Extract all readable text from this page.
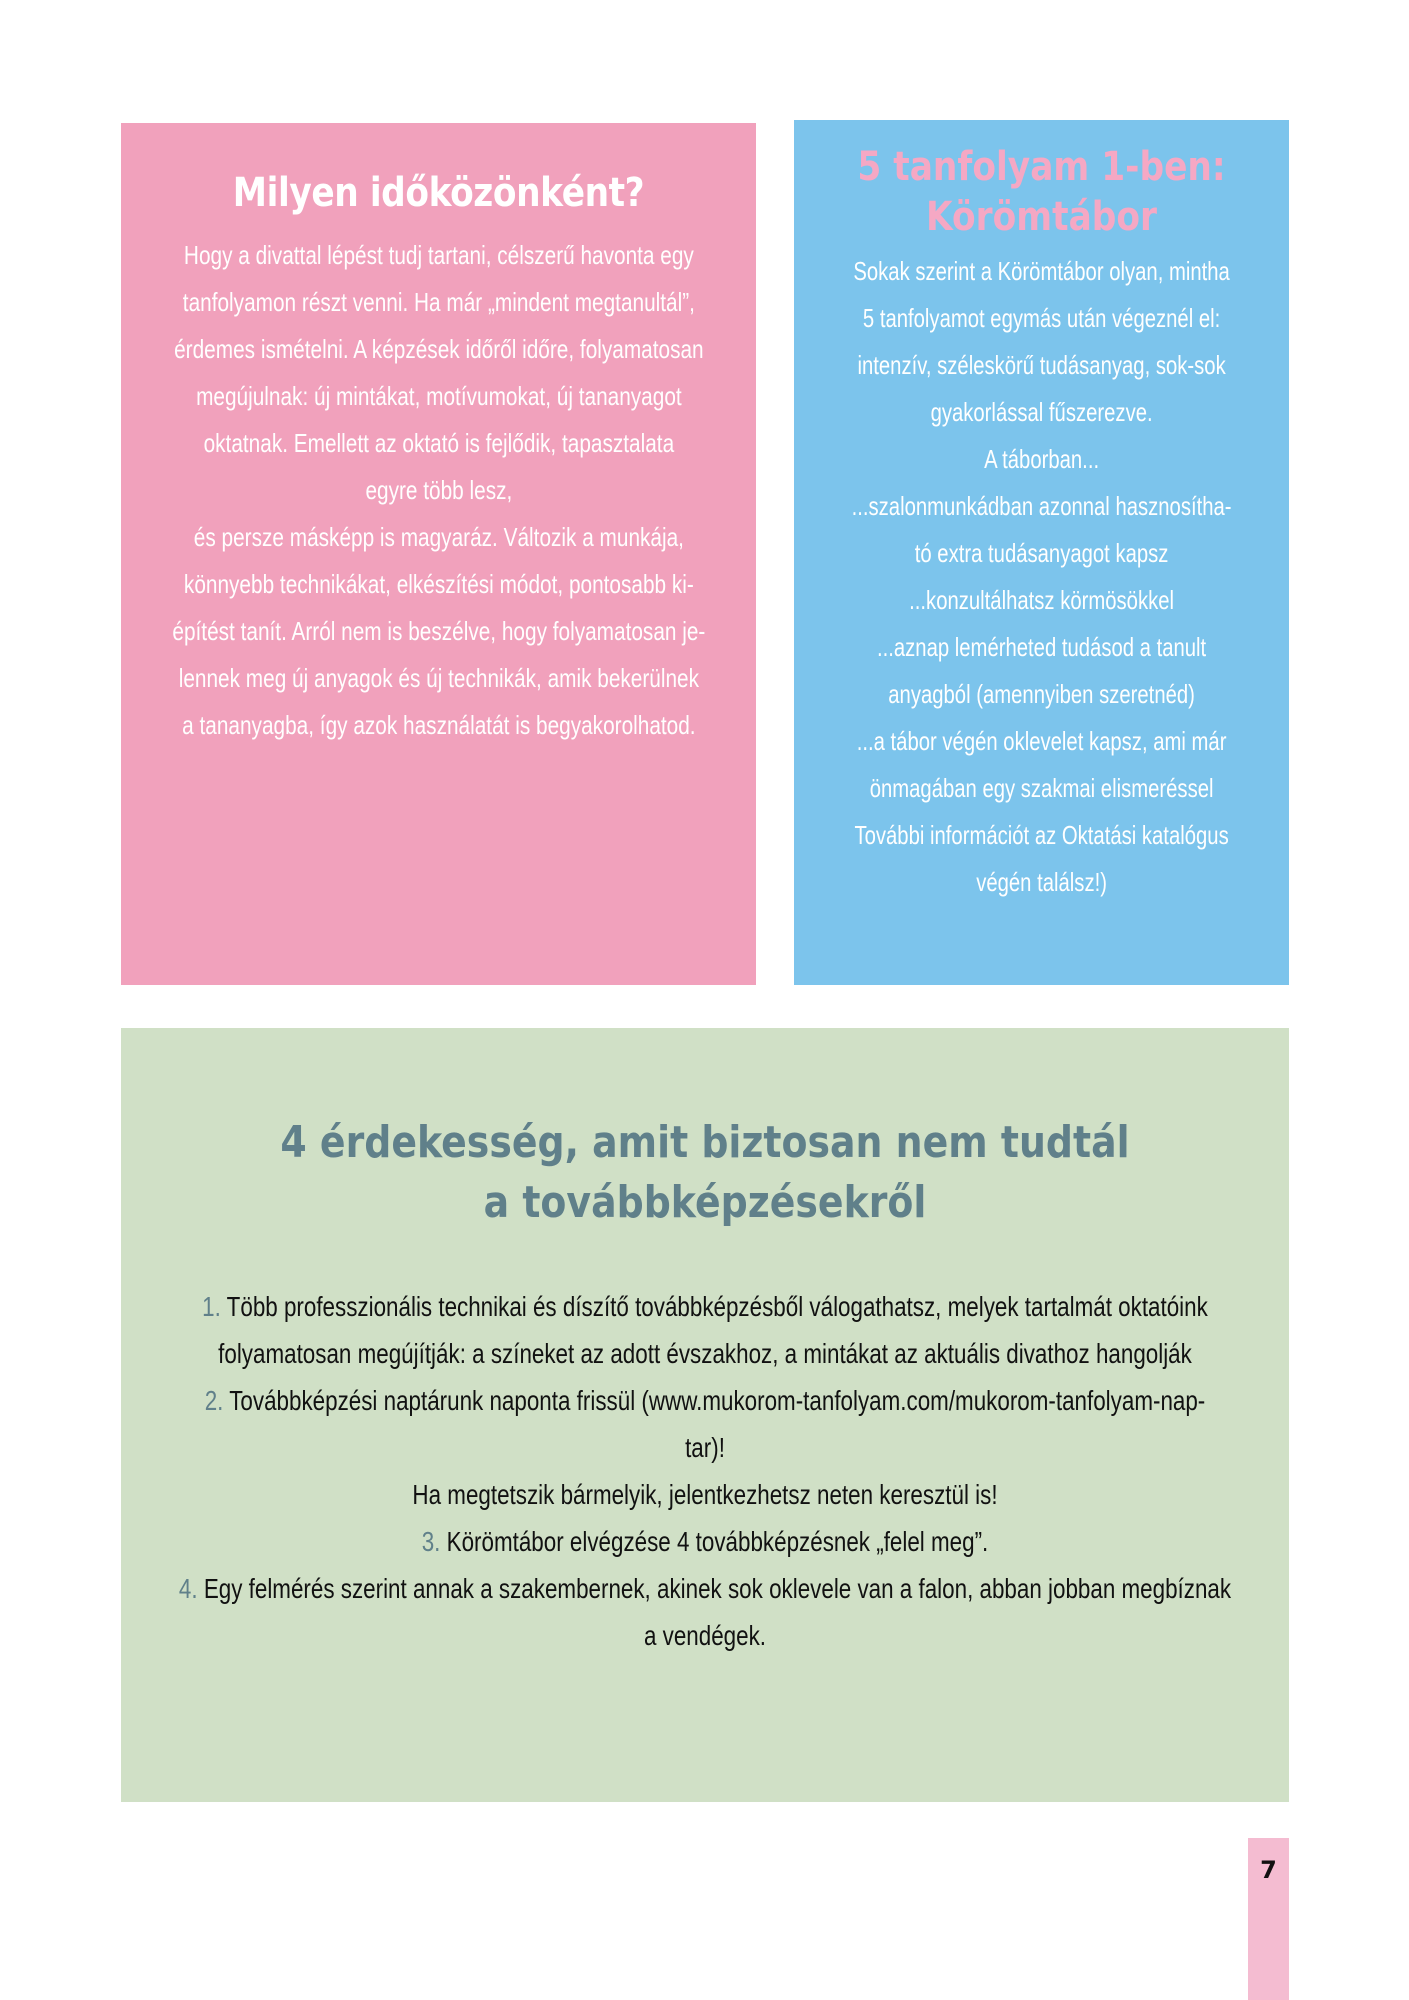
Milyen időközönként?
Hogy a divattal lépést tudj tartani, célszerű havonta egy
tanfolyamon részt venni. Ha már „mindent megtanultál”,
érdemes ismételni. A képzések időről időre, folyamatosan
megújulnak: új mintákat, motívumokat, új tananyagot
oktatnak. Emellett az oktató is fejlődik, tapasztalata
egyre több lesz,
és persze másképp is magyaráz. Változik a munkája,
könnyebb technikákat, elkészítési módot, pontosabb ki-
építést tanít. Arról nem is beszélve, hogy folyamatosan je-
lennek meg új anyagok és új technikák, amik bekerülnek
a tananyagba, így azok használatát is begyakorolhatod.
5 tanfolyam 1-ben:
Körömtábor
Sokak szerint a Körömtábor olyan, mintha
5 tanfolyamot egymás után végeznél el:
intenzív, széleskörű tudásanyag, sok-sok
gyakorlással fűszerezve.
A táborban...
...szalonmunkádban azonnal hasznosítha-
tó extra tudásanyagot kapsz
...konzultálhatsz körmösökkel
...aznap lemérheted tudásod a tanult
anyagból (amennyiben szeretnéd)
...a tábor végén oklevelet kapsz, ami már
önmagában egy szakmai elismeréssel
További információt az Oktatási katalógus
végén találsz!)
4 érdekesség, amit biztosan nem tudtál
a továbbképzésekről
1. Több professzionális technikai és díszítő továbbképzésből válogathatsz, melyek tartalmát oktatóink
folyamatosan megújítják: a színeket az adott évszakhoz, a mintákat az aktuális divathoz hangolják
2. Továbbképzési naptárunk naponta frissül (www.mukorom-tanfolyam.com/mukorom-tanfolyam-nap-
tar)!
Ha megtetszik bármelyik, jelentkezhetsz neten keresztül is!
3. Körömtábor elvégzése 4 továbbképzésnek „felel meg”.
4. Egy felmérés szerint annak a szakembernek, akinek sok oklevele van a falon, abban jobban megbíznak
a vendégek.
7
